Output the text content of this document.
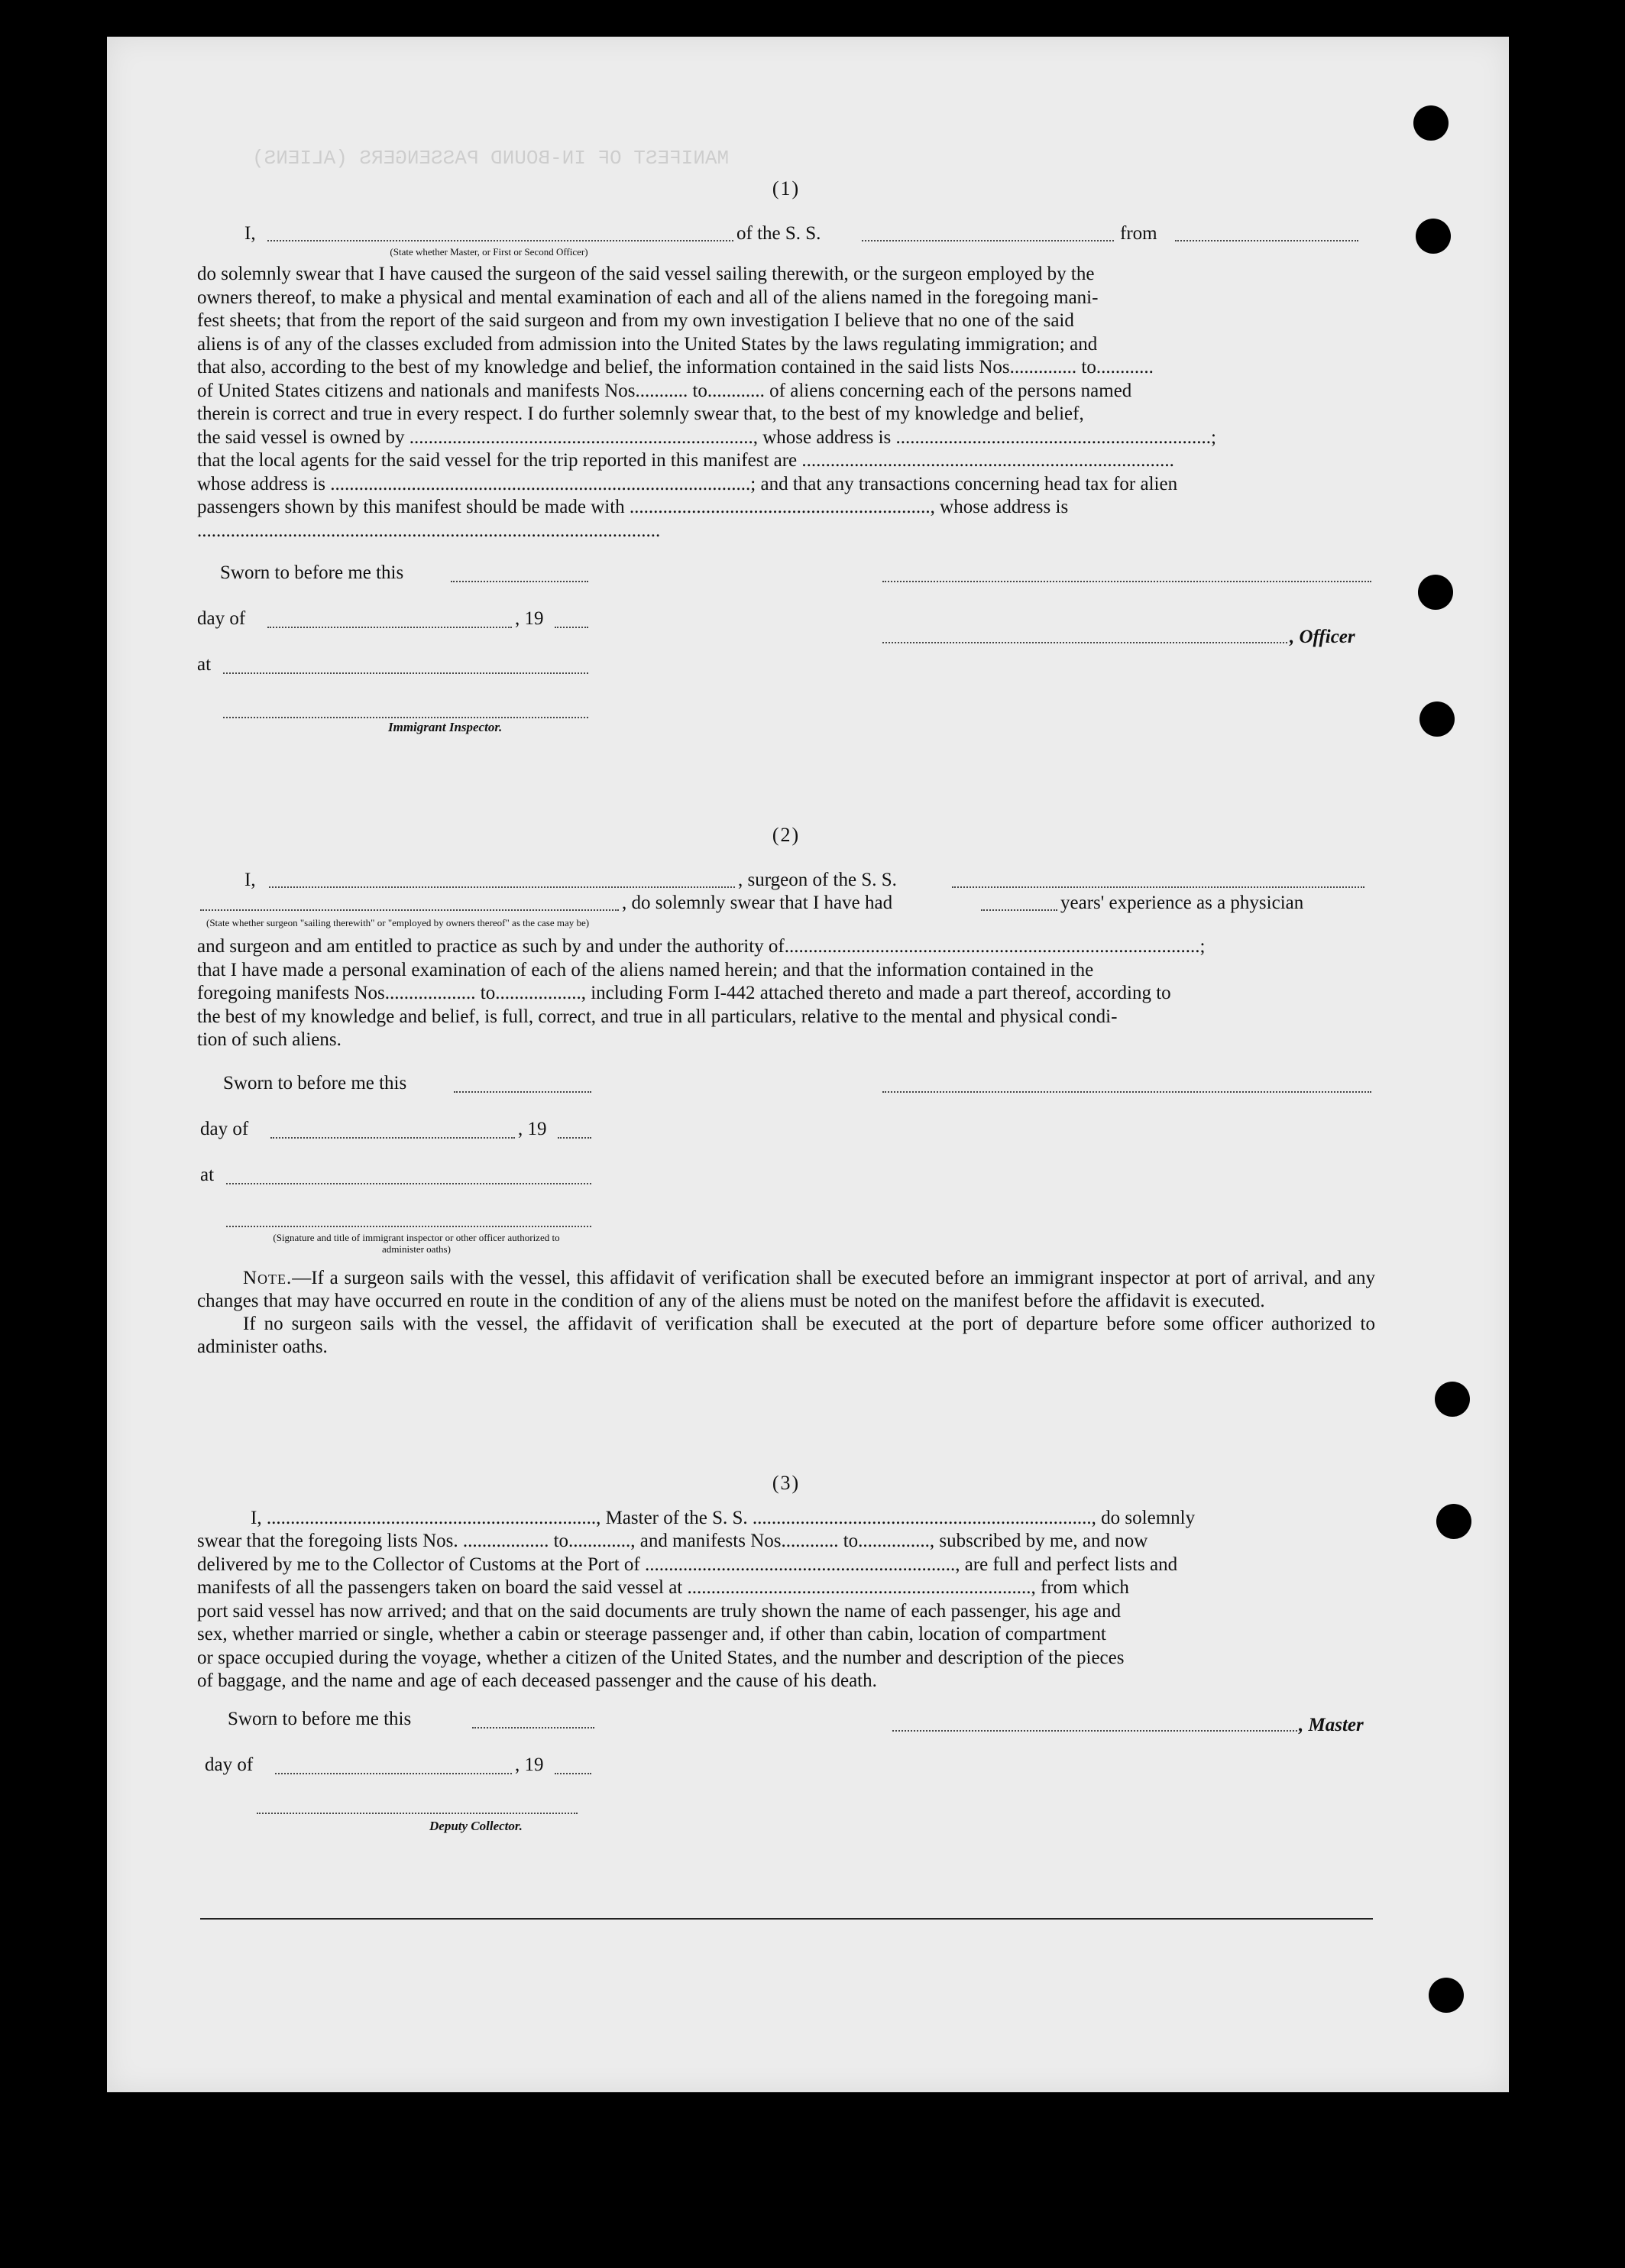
MANIFEST OF IN-BOUND PASSENGERS (ALIENS)
(1)
I,
(State whether Master, or First or Second Officer)
of the S. S.	from
do solemnly swear that I have caused the surgeon of the said vessel sailing therewith, or the surgeon employed by the
owners thereof, to make a physical and mental examination of each and all of the aliens named in the foregoing mani-
fest sheets; that from the report of the said surgeon and from my own investigation I believe that no one of the said
aliens is of any of the classes excluded from admission into the United States by the laws regulating immigration; and
that also, according to the best of my knowledge and belief, the information contained in the said lists Nos.............. to............
of United States citizens and nationals and manifests Nos........... to............ of aliens concerning each of the persons named
therein is correct and true in every respect. I do further solemnly swear that, to the best of my knowledge and belief,
the said vessel is owned by ........................................................................, whose address is ..................................................................;
that the local agents for the said vessel for the trip reported in this manifest are ..............................................................................
whose address is ........................................................................................; and that any transactions concerning head tax for alien
passengers shown by this manifest should be made with ..............................................................., whose address is
.................................................................................................
Sworn to before me this
day of	, 19
, Officer
at
Immigrant Inspector.
(2)
I,	, surgeon of the S. S.
, do solemnly swear that I have had	years' experience as a physician
(State whether surgeon "sailing therewith" or "employed by owners thereof" as the case may be)
and surgeon and am entitled to practice as such by and under the authority of.......................................................................................;
that I have made a personal examination of each of the aliens named herein; and that the information contained in the
foregoing manifests Nos................... to.................., including Form I-442 attached thereto and made a part thereof, according to
the best of my knowledge and belief, is full, correct, and true in all particulars, relative to the mental and physical condi-
tion of such aliens.
Sworn to before me this
day of	, 19
at
(Signature and title of immigrant inspector or other officer authorized to administer oaths)

Note.—If a surgeon sails with the vessel, this affidavit of verification shall be executed before an immigrant inspector at port of arrival, and any changes that may have occurred en route in the condition of any of the aliens must be noted on the manifest before the affidavit is executed.

If no surgeon sails with the vessel, the affidavit of verification shall be executed at the port of departure before some officer authorized to administer oaths.

(3)
I, ....................................................................., Master of the S. S. ......................................................................., do solemnly
swear that the foregoing lists Nos. .................. to............., and manifests Nos............ to..............., subscribed by me, and now
delivered by me to the Collector of Customs at the Port of ................................................................., are full and perfect lists and
manifests of all the passengers taken on board the said vessel at ........................................................................, from which
port said vessel has now arrived; and that on the said documents are truly shown the name of each passenger, his age and
sex, whether married or single, whether a cabin or steerage passenger and, if other than cabin, location of compartment
or space occupied during the voyage, whether a citizen of the United States, and the number and description of the pieces
of baggage, and the name and age of each deceased passenger and the cause of his death.
Sworn to before me this	, Master
day of	, 19
Deputy Collector.
